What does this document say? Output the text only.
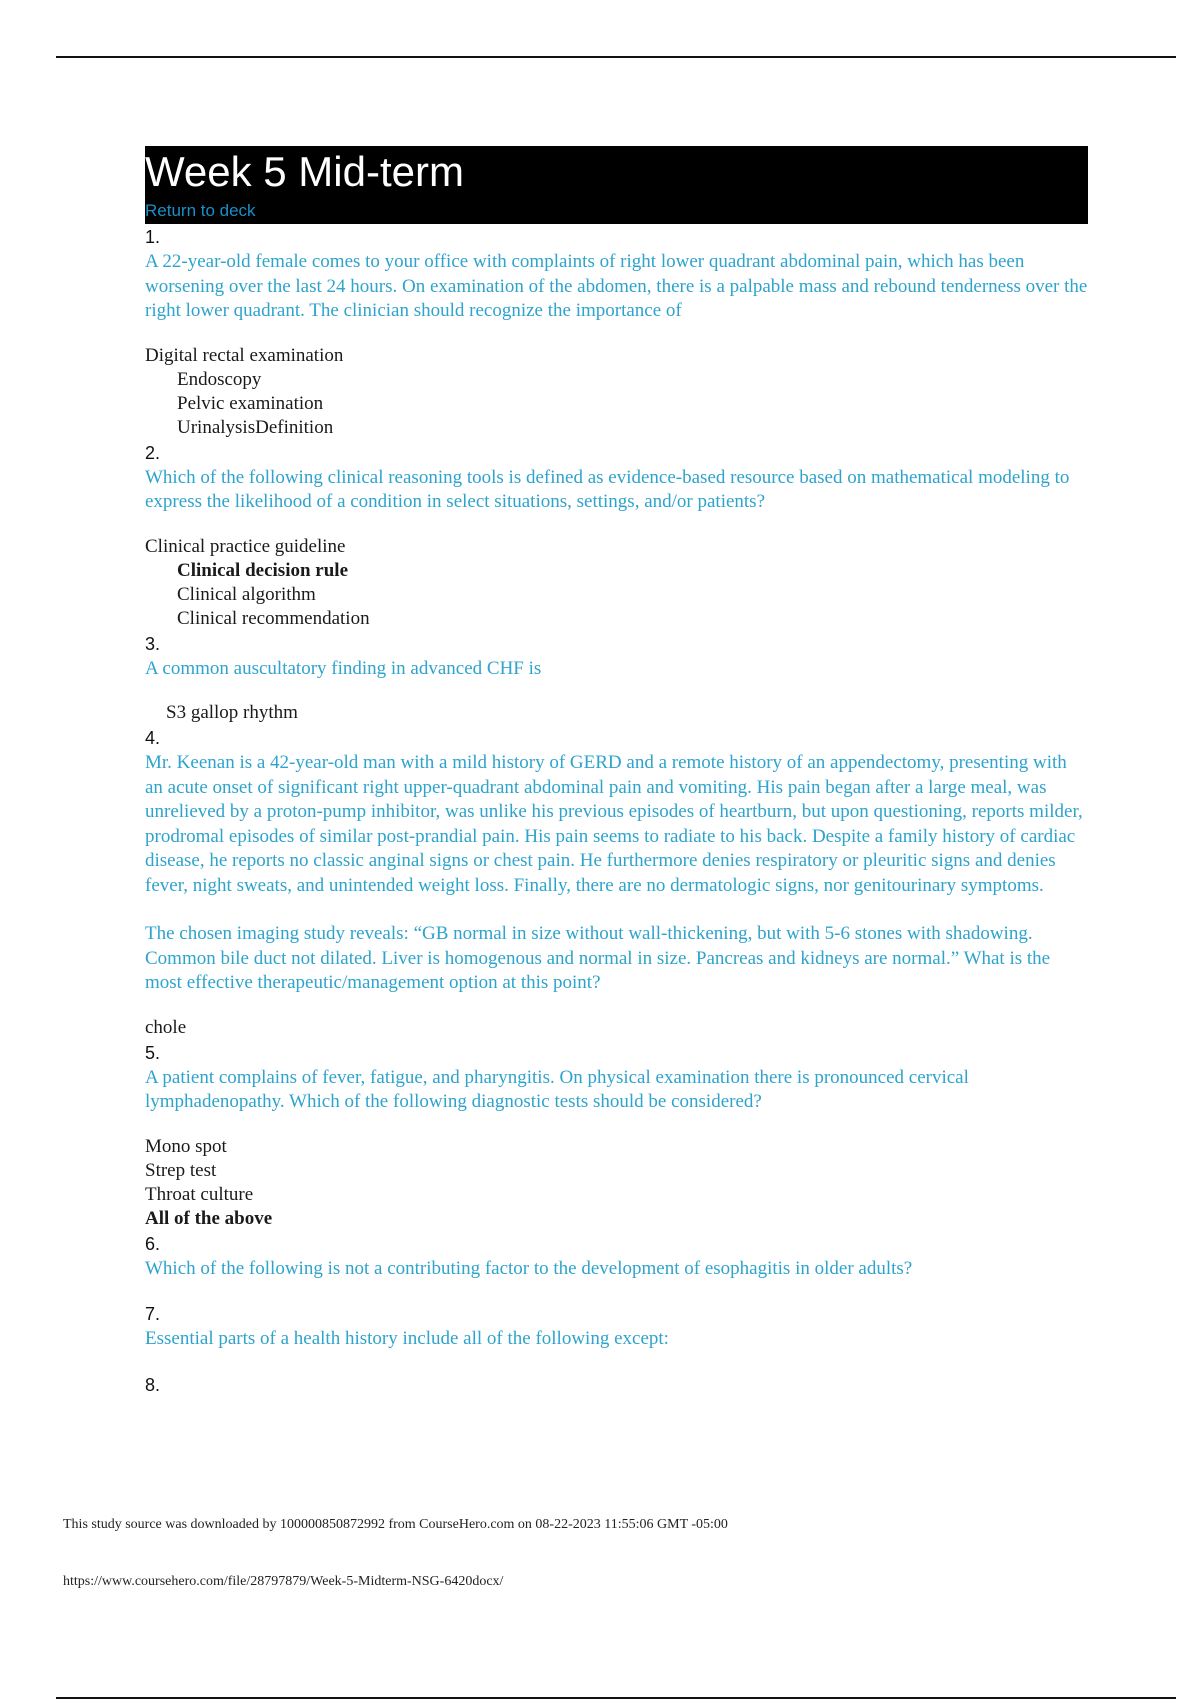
Week 5 Mid-term
Return to deck
1.
A 22-year-old female comes to your office with complaints of right lower quadrant abdominal pain, which has been worsening over the last 24 hours. On examination of the abdomen, there is a palpable mass and rebound tenderness over the right lower quadrant. The clinician should recognize the importance of
Digital rectal examination
Endoscopy
Pelvic examination
UrinalysisDefinition
2.
Which of the following clinical reasoning tools is defined as evidence-based resource based on mathematical modeling to express the likelihood of a condition in select situations, settings, and/or patients?
Clinical practice guideline
Clinical decision rule
Clinical algorithm
Clinical recommendation
3.
A common auscultatory finding in advanced CHF is
S3 gallop rhythm
4.
Mr. Keenan is a 42-year-old man with a mild history of GERD and a remote history of an appendectomy, presenting with an acute onset of significant right upper-quadrant abdominal pain and vomiting. His pain began after a large meal, was unrelieved by a proton-pump inhibitor, was unlike his previous episodes of heartburn, but upon questioning, reports milder, prodromal episodes of similar post-prandial pain. His pain seems to radiate to his back. Despite a family history of cardiac disease, he reports no classic anginal signs or chest pain. He furthermore denies respiratory or pleuritic signs and denies fever, night sweats, and unintended weight loss. Finally, there are no dermatologic signs, nor genitourinary symptoms.
The chosen imaging study reveals: “GB normal in size without wall-thickening, but with 5-6 stones with shadowing. Common bile duct not dilated. Liver is homogenous and normal in size. Pancreas and kidneys are normal.” What is the most effective therapeutic/management option at this point?
chole
5.
A patient complains of fever, fatigue, and pharyngitis. On physical examination there is pronounced cervical lymphadenopathy. Which of the following diagnostic tests should be considered?
Mono spot
Strep test
Throat culture
All of the above
6.
Which of the following is not a contributing factor to the development of esophagitis in older adults?
7.
Essential parts of a health history include all of the following except:
8.
This study source was downloaded by 100000850872992 from CourseHero.com on 08-22-2023 11:55:06 GMT -05:00
https://www.coursehero.com/file/28797879/Week-5-Midterm-NSG-6420docx/
